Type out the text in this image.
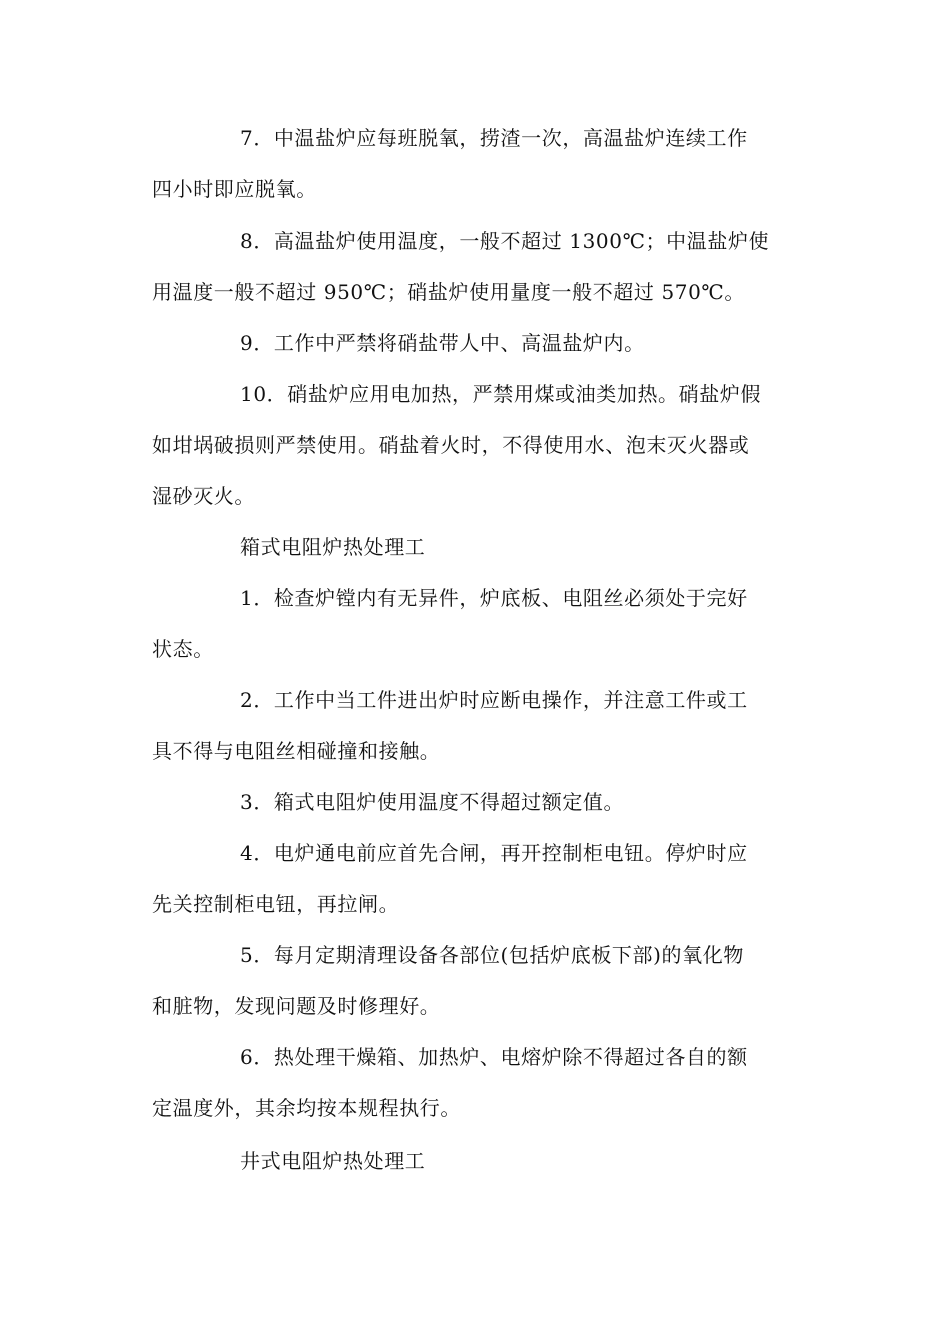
7．中温盐炉应每班脱氧，捞渣一次，高温盐炉连续工作
四小时即应脱氧。
8．高温盐炉使用温度，一般不超过 1300℃；中温盐炉使
用温度一般不超过 950℃；硝盐炉使用量度一般不超过 570℃。
9．工作中严禁将硝盐带人中、高温盐炉内。
10．硝盐炉应用电加热，严禁用煤或油类加热。硝盐炉假
如坩埚破损则严禁使用。硝盐着火时，不得使用水、泡末灭火器或
湿砂灭火。
箱式电阻炉热处理工
1．检查炉镗内有无异件，炉底板、电阻丝必须处于完好
状态。
2．工作中当工件进出炉时应断电操作，并注意工件或工
具不得与电阻丝相碰撞和接触。
3．箱式电阻炉使用温度不得超过额定值。
4．电炉通电前应首先合闸，再开控制柜电钮。停炉时应
先关控制柜电钮，再拉闸。
5．每月定期清理设备各部位(包括炉底板下部)的氧化物
和脏物，发现问题及时修理好。
6．热处理干燥箱、加热炉、电熔炉除不得超过各自的额
定温度外，其余均按本规程执行。
井式电阻炉热处理工
